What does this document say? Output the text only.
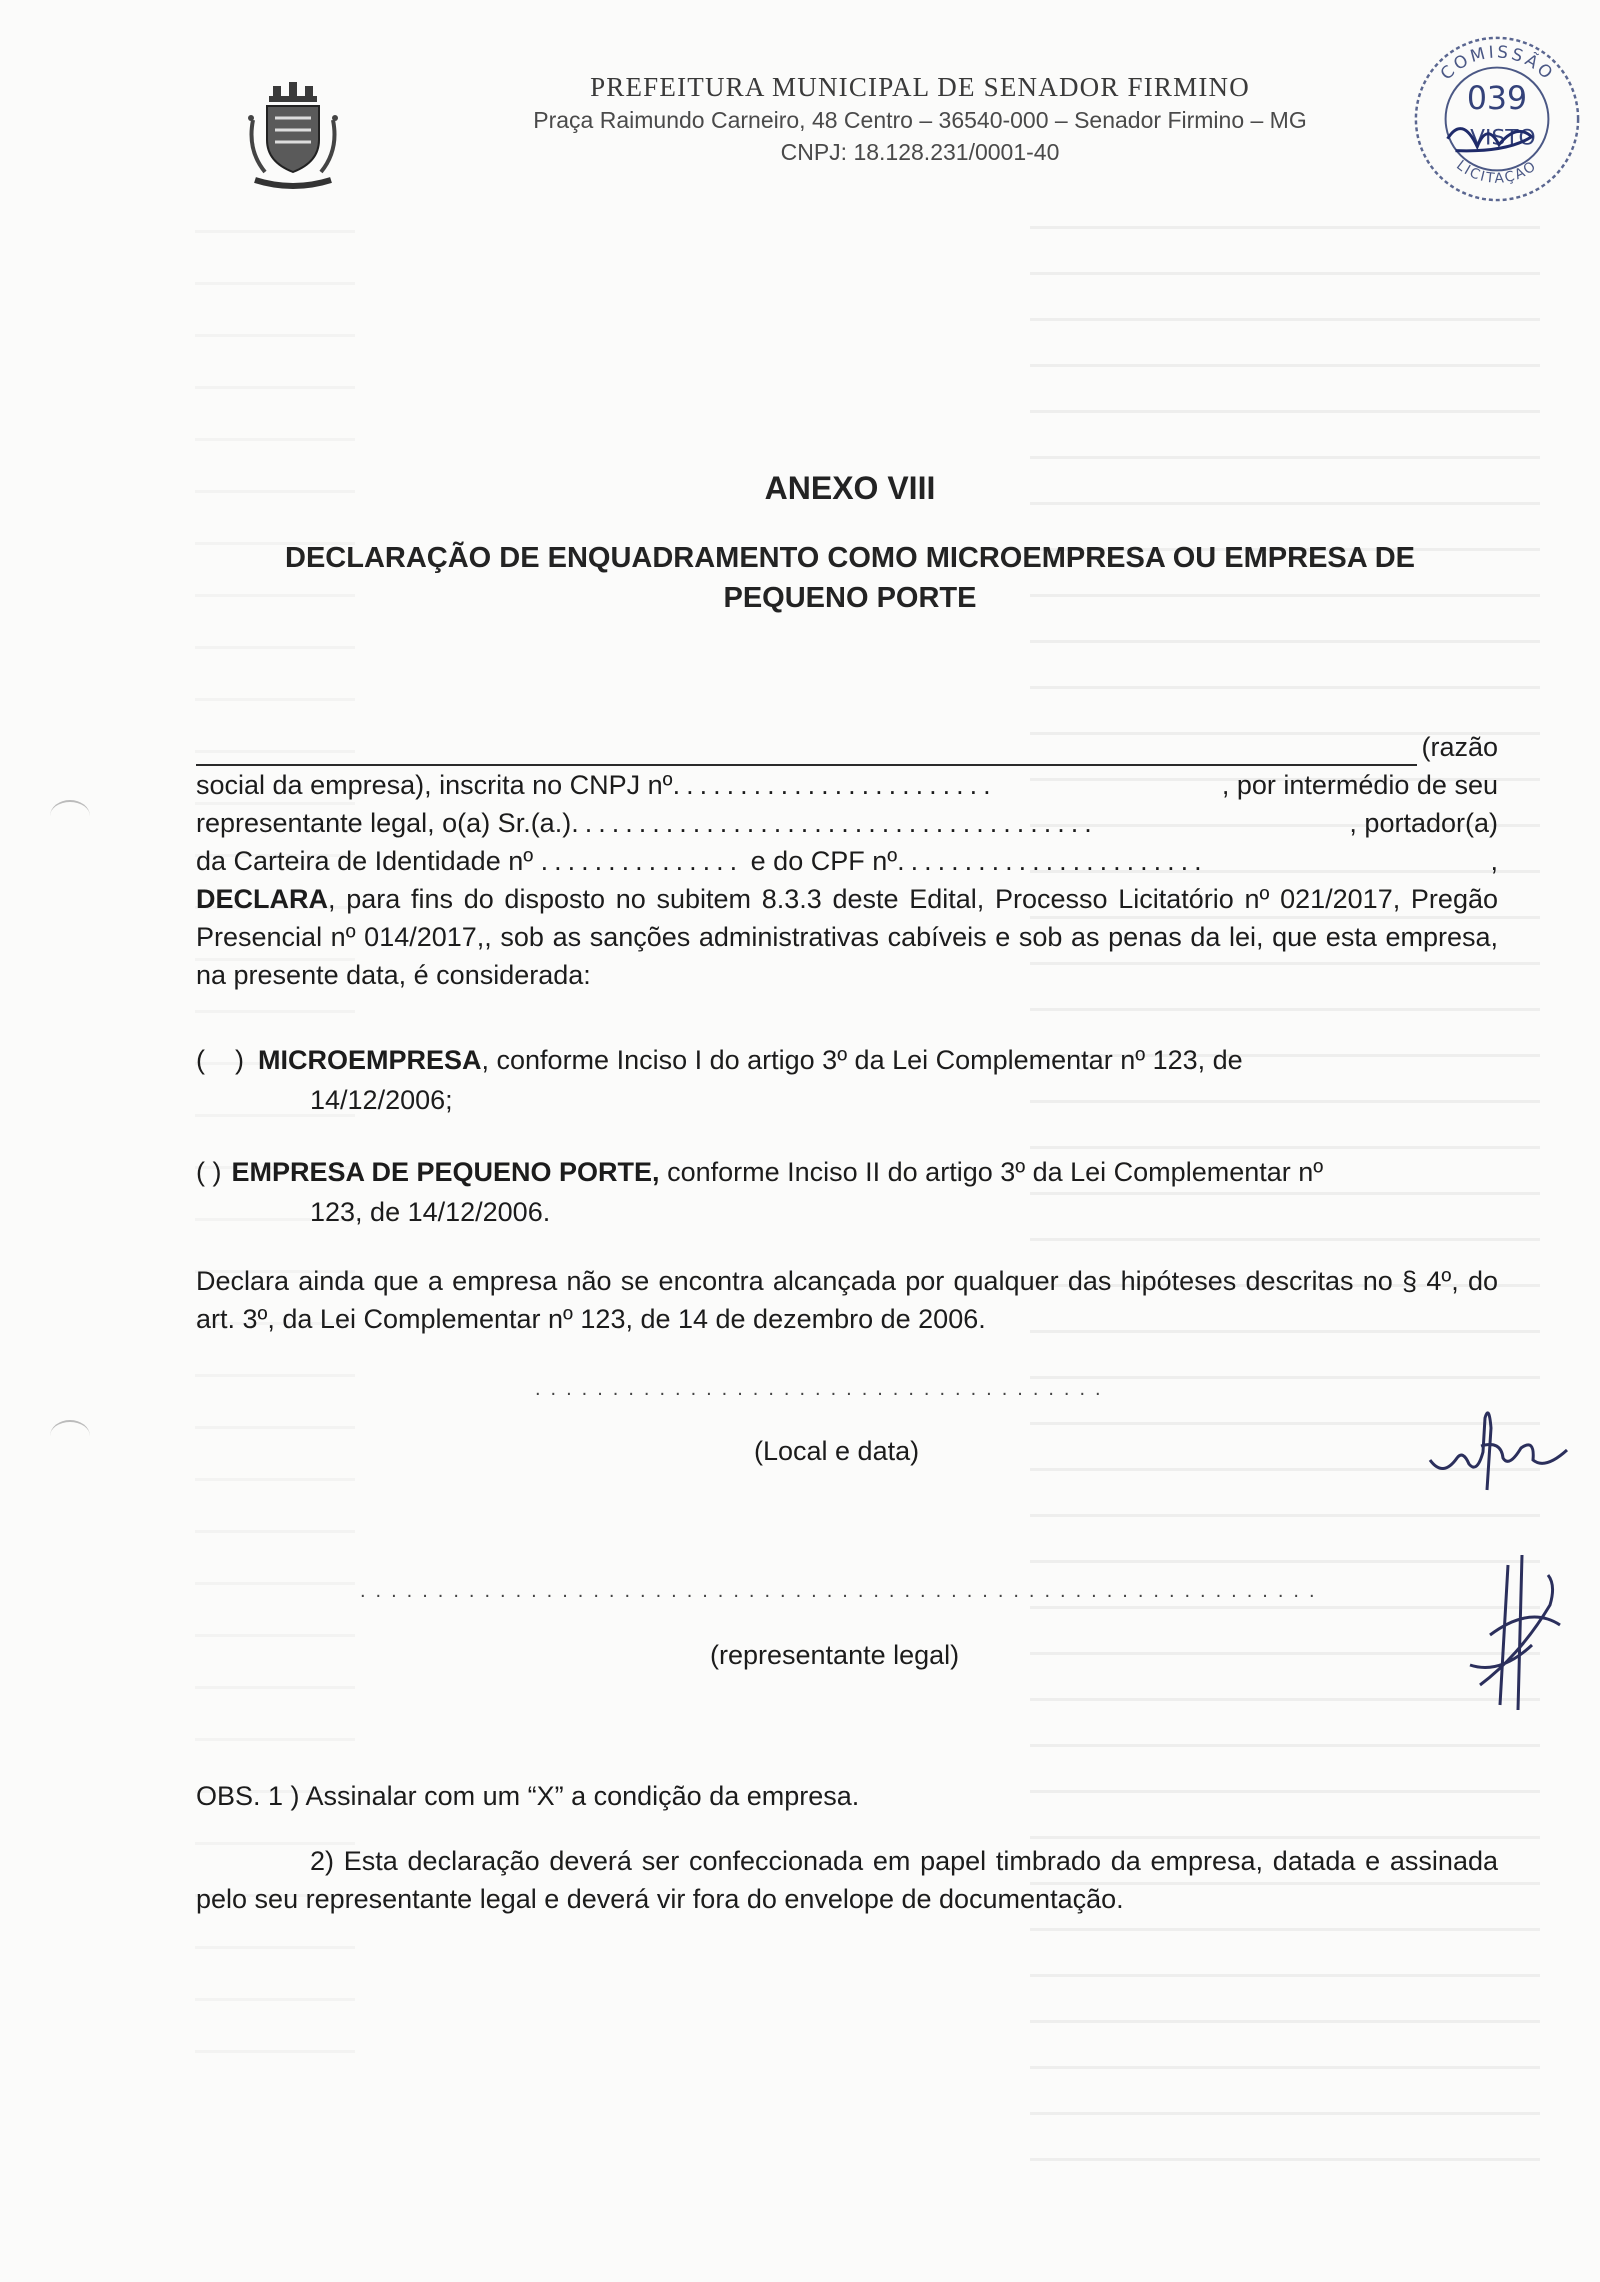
PREFEITURA MUNICIPAL DE SENADOR FIRMINO
Praça Raimundo Carneiro, 48 Centro – 36540-000 – Senador Firmino – MG
CNPJ: 18.128.231/0001-40
COMISSÃO
LICITAÇÃO
039
VISTO
ANEXO VIII
DECLARAÇÃO DE ENQUADRAMENTO COMO MICROEMPRESA OU EMPRESA DE
PEQUENO PORTE
(razão
social da empresa), inscrita no CNPJ nº........................	, por intermédio de seu
representante legal, o(a) Sr.(a.).......................................	, portador(a)
da Carteira de Identidade nº ............... e do CPF nº.......................	,
DECLARA, para fins do disposto no subitem 8.3.3 deste Edital, Processo Licitatório nº 021/2017, Pregão Presencial nº 014/2017,, sob as sanções administrativas cabíveis e sob as penas da lei, que esta empresa, na presente data, é considerada:
(    ) MICROEMPRESA, conforme Inciso I do artigo 3º da Lei Complementar nº 123, de
14/12/2006;
( ) EMPRESA DE PEQUENO PORTE, conforme Inciso II do artigo 3º da Lei Complementar nº
123, de 14/12/2006.
Declara ainda que a empresa não se encontra alcançada por qualquer das hipóteses descritas no § 4º, do art. 3º, da Lei Complementar nº 123, de 14 de dezembro de 2006.
.....................................
(Local e data)
..............................................................
(representante legal)
OBS. 1 ) Assinalar com um “X” a condição da empresa.
2) Esta declaração deverá ser confeccionada em papel timbrado da empresa, datada e assinada pelo seu representante legal e deverá vir fora do envelope de documentação.
